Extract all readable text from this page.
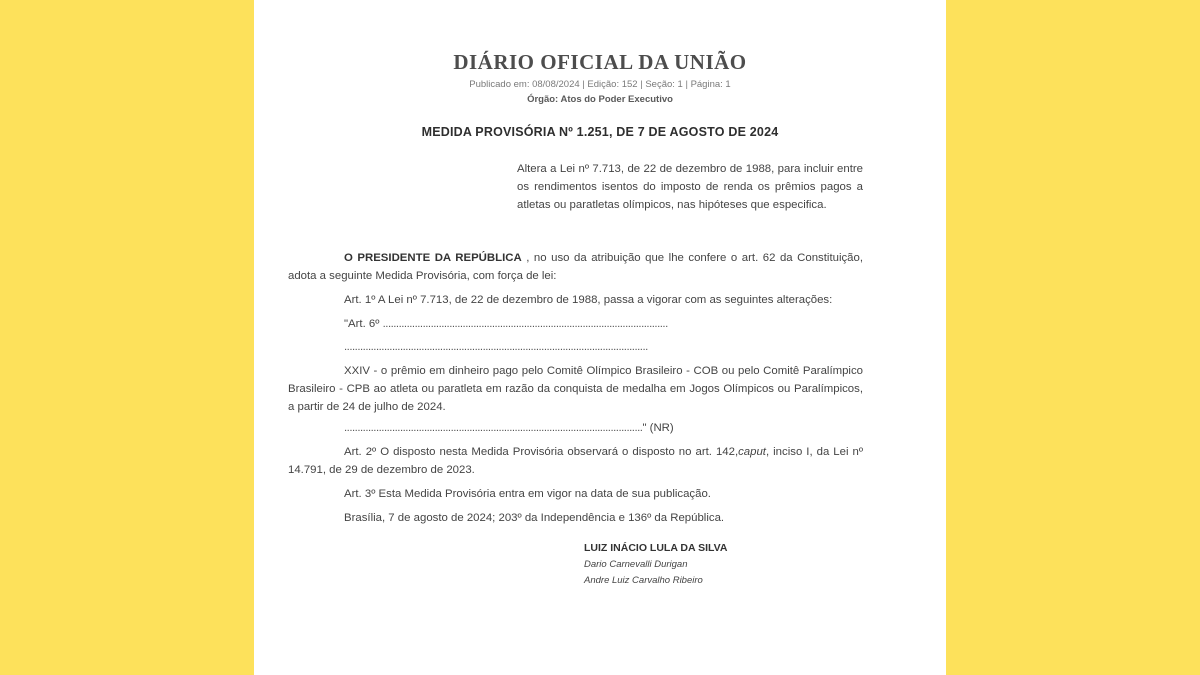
DIÁRIO OFICIAL DA UNIÃO
Publicado em: 08/08/2024 | Edição: 152 | Seção: 1 | Página: 1
Órgão: Atos do Poder Executivo
MEDIDA PROVISÓRIA Nº 1.251, DE 7 DE AGOSTO DE 2024
Altera a Lei nº 7.713, de 22 de dezembro de 1988, para incluir entre os rendimentos isentos do imposto de renda os prêmios pagos a atletas ou paratletas olímpicos, nas hipóteses que especifica.
O PRESIDENTE DA REPÚBLICA , no uso da atribuição que lhe confere o art. 62 da Constituição, adota a seguinte Medida Provisória, com força de lei:
Art. 1º A Lei nº 7.713, de 22 de dezembro de 1988, passa a vigorar com as seguintes alterações:
"Art. 6º ...........................................................................................................
..................................................................................................................
XXIV - o prêmio em dinheiro pago pelo Comitê Olímpico Brasileiro - COB ou pelo Comitê Paralímpico Brasileiro - CPB ao atleta ou paratleta em razão da conquista de medalha em Jogos Olímpicos ou Paralímpicos, a partir de 24 de julho de 2024.
................................................................................................................" (NR)
Art. 2º O disposto nesta Medida Provisória observará o disposto no art. 142,caput, inciso I, da Lei nº 14.791, de 29 de dezembro de 2023.
Art. 3º Esta Medida Provisória entra em vigor na data de sua publicação.
Brasília, 7 de agosto de 2024; 203º da Independência e 136º da República.
LUIZ INÁCIO LULA DA SILVA
Dario Carnevalli Durigan
Andre Luiz Carvalho Ribeiro
